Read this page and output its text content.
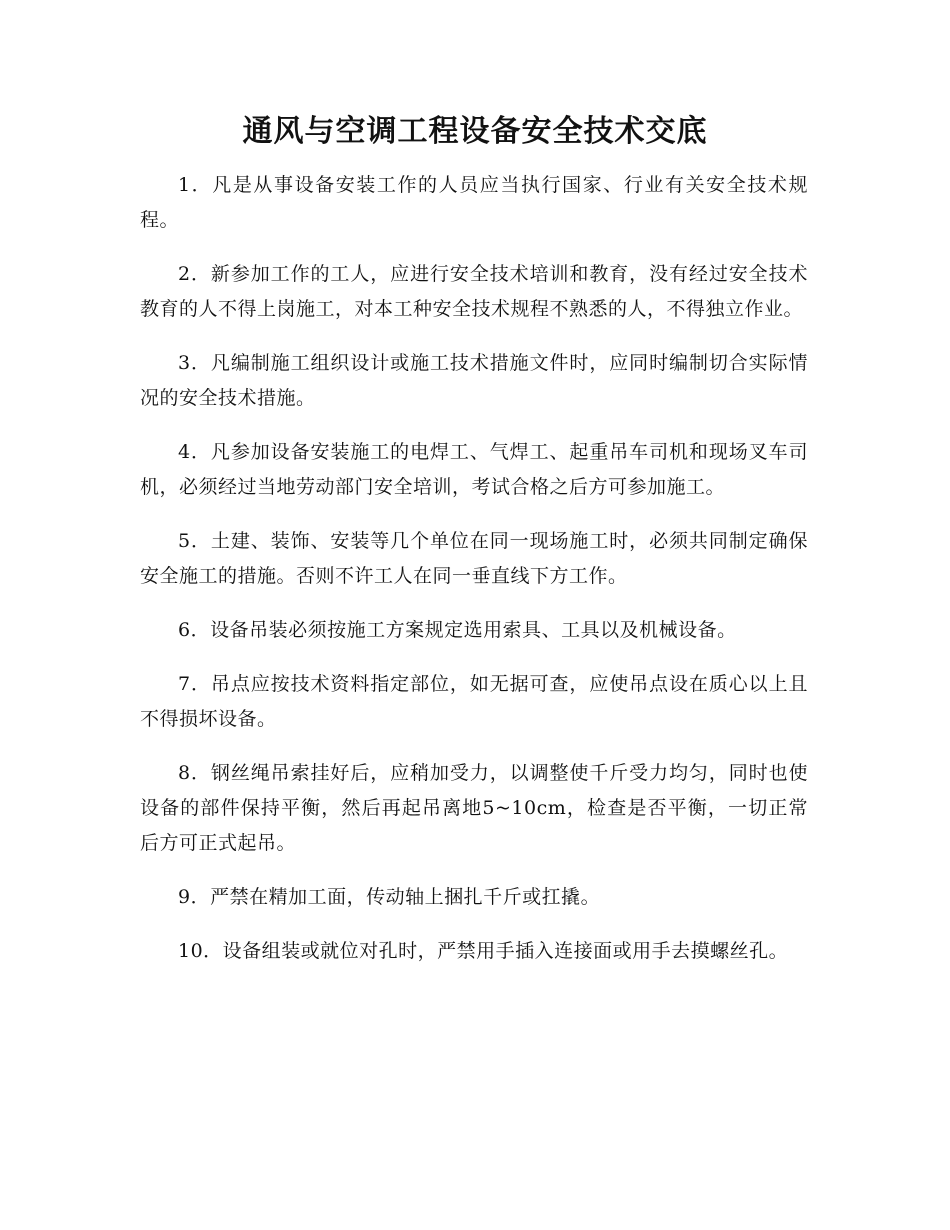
通风与空调工程设备安全技术交底

1．凡是从事设备安装工作的人员应当执行国家、行业有关安全技术规程。

2．新参加工作的工人，应进行安全技术培训和教育，没有经过安全技术教育的人不得上岗施工，对本工种安全技术规程不熟悉的人，不得独立作业。

3．凡编制施工组织设计或施工技术措施文件时，应同时编制切合实际情况的安全技术措施。

4．凡参加设备安装施工的电焊工、气焊工、起重吊车司机和现场叉车司机，必须经过当地劳动部门安全培训，考试合格之后方可参加施工。

5．土建、装饰、安装等几个单位在同一现场施工时，必须共同制定确保安全施工的措施。否则不许工人在同一垂直线下方工作。

6．设备吊装必须按施工方案规定选用索具、工具以及机械设备。

7．吊点应按技术资料指定部位，如无据可查，应使吊点设在质心以上且不得损坏设备。

8．钢丝绳吊索挂好后，应稍加受力，以调整使千斤受力均匀，同时也使设备的部件保持平衡，然后再起吊离地5~10cm，检查是否平衡，一切正常后方可正式起吊。

9．严禁在精加工面，传动轴上捆扎千斤或扛撬。

10．设备组装或就位对孔时，严禁用手插入连接面或用手去摸螺丝孔。
